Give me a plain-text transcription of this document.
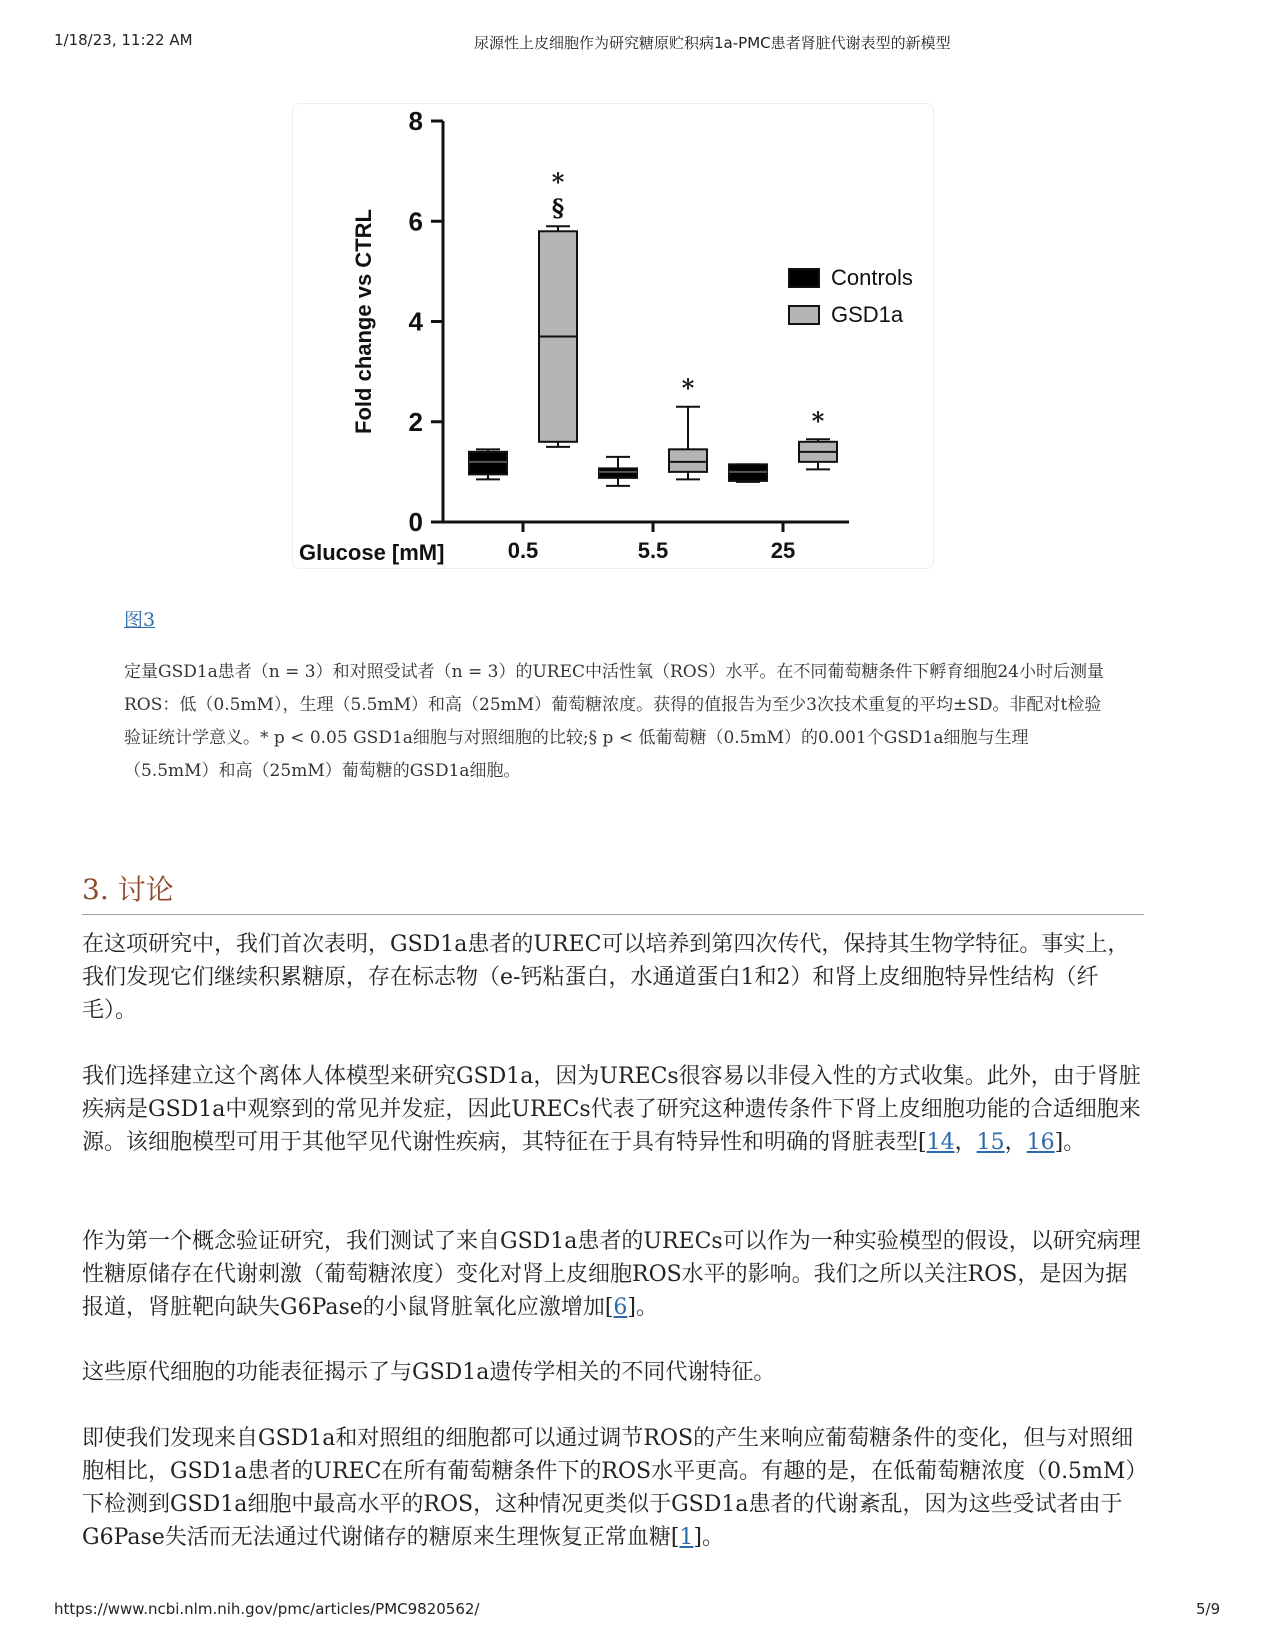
1/18/23, 11:22 AM	尿源性上皮细胞作为研究糖原贮积病1a-PMC患者肾脏代谢表型的新模型
0
2
4
6
8
0.5	5.5	25
Glucose [mM]
Fold change vs CTRL
*
§
*
*
Controls
GSD1a
图3
定量GSD1a患者（n = 3）和对照受试者（n = 3）的UREC中活性氧（ROS）水平。在不同葡萄糖条件下孵育细胞24小时后测量ROS：低（0.5mM），生理（5.5mM）和高（25mM）葡萄糖浓度。获得的值报告为至少3次技术重复的平均±SD。非配对t检验验证统计学意义。* p < 0.05 GSD1a细胞与对照细胞的比较;§ p < 低葡萄糖（0.5mM）的0.001个GSD1a细胞与生理（5.5mM）和高（25mM）葡萄糖的GSD1a细胞。
3. 讨论
在这项研究中，我们首次表明，GSD1a患者的UREC可以培养到第四次传代，保持其生物学特征。事实上，我们发现它们继续积累糖原，存在标志物（e-钙粘蛋白，水通道蛋白1和2）和肾上皮细胞特异性结构（纤毛）。
我们选择建立这个离体人体模型来研究GSD1a，因为URECs很容易以非侵入性的方式收集。此外，由于肾脏疾病是GSD1a中观察到的常见并发症，因此URECs代表了研究这种遗传条件下肾上皮细胞功能的合适细胞来源。该细胞模型可用于其他罕见代谢性疾病，其特征在于具有特异性和明确的肾脏表型[14，15，16]。
作为第一个概念验证研究，我们测试了来自GSD1a患者的URECs可以作为一种实验模型的假设，以研究病理性糖原储存在代谢刺激（葡萄糖浓度）变化对肾上皮细胞ROS水平的影响。我们之所以关注ROS，是因为据报道，肾脏靶向缺失G6Pase的小鼠肾脏氧化应激增加[6]。
这些原代细胞的功能表征揭示了与GSD1a遗传学相关的不同代谢特征。
即使我们发现来自GSD1a和对照组的细胞都可以通过调节ROS的产生来响应葡萄糖条件的变化，但与对照细胞相比，GSD1a患者的UREC在所有葡萄糖条件下的ROS水平更高。有趣的是，在低葡萄糖浓度（0.5mM）下检测到GSD1a细胞中最高水平的ROS，这种情况更类似于GSD1a患者的代谢紊乱，因为这些受试者由于G6Pase失活而无法通过代谢储存的糖原来生理恢复正常血糖[1]。
https://www.ncbi.nlm.nih.gov/pmc/articles/PMC9820562/	5/9
